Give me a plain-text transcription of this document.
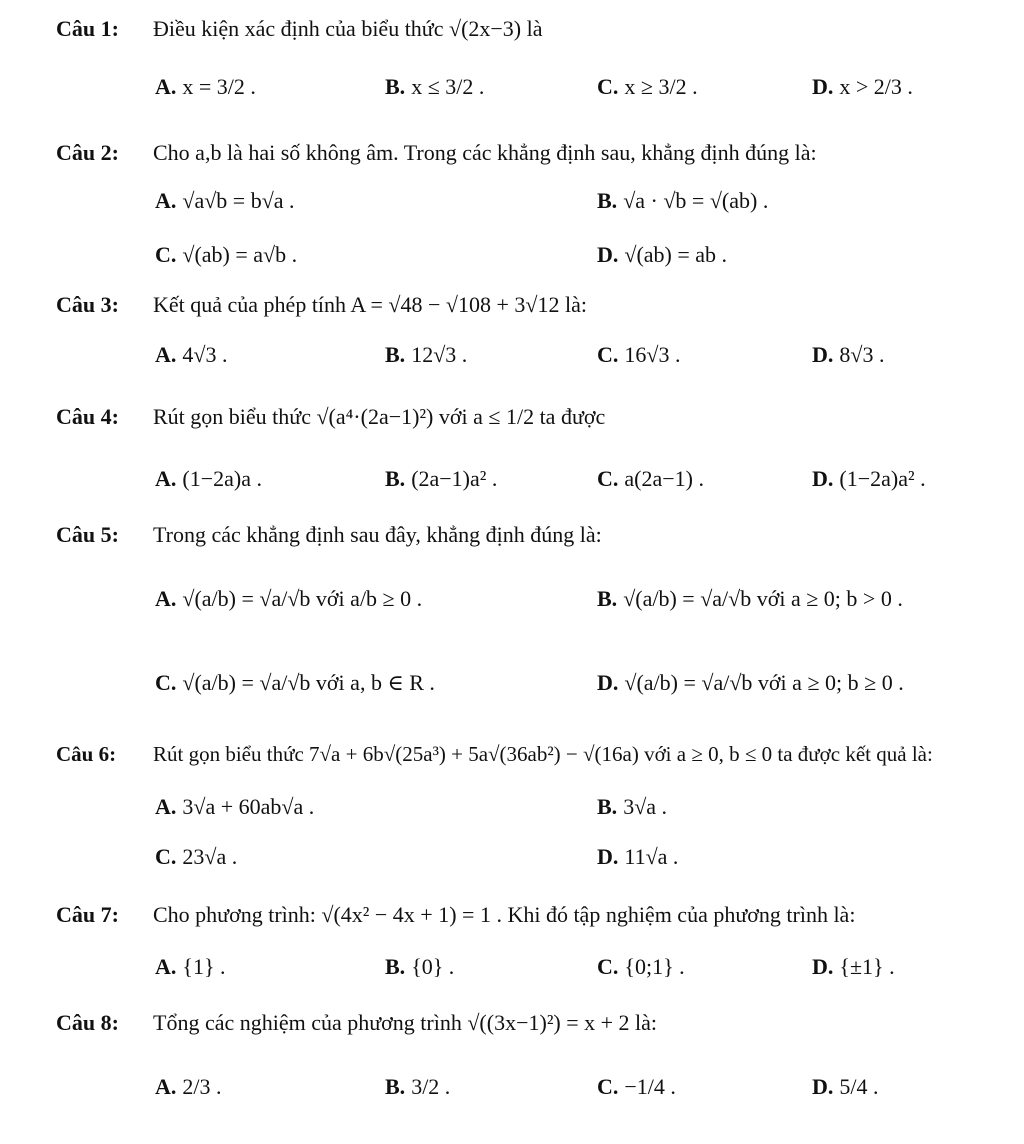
Câu 1: Điều kiện xác định của biểu thức √(2x−3) là
A. x = 3/2 .	B. x ≤ 3/2 .	C. x ≥ 3/2 .	D. x > 2/3 .
Câu 2: Cho a,b là hai số không âm. Trong các khẳng định sau, khẳng định đúng là:
A. √a√b = b√a .	B. √a · √b = √(ab) .
C. √(ab) = a√b .	D. √(ab) = ab .
Câu 3: Kết quả của phép tính A = √48 − √108 + 3√12 là:
A. 4√3 .	B. 12√3 .	C. 16√3 .	D. 8√3 .
Câu 4: Rút gọn biểu thức √(a⁴·(2a−1)²) với a ≤ 1/2 ta được
A. (1−2a)a .	B. (2a−1)a² .	C. a(2a−1) .	D. (1−2a)a² .
Câu 5: Trong các khẳng định sau đây, khẳng định đúng là:
A. √(a/b) = √a/√b với a/b ≥ 0 .	B. √(a/b) = √a/√b với a ≥ 0; b > 0 .
C. √(a/b) = √a/√b với a, b ∈ R .	D. √(a/b) = √a/√b với a ≥ 0; b ≥ 0 .
Câu 6: Rút gọn biểu thức 7√a + 6b√(25a³) + 5a√(36ab²) − √(16a) với a ≥ 0, b ≤ 0 ta được kết quả là:
A. 3√a + 60ab√a .	B. 3√a .
C. 23√a .	D. 11√a .
Câu 7: Cho phương trình: √(4x² − 4x + 1) = 1 . Khi đó tập nghiệm của phương trình là:
A. {1} .	B. {0} .	C. {0;1} .	D. {±1} .
Câu 8: Tổng các nghiệm của phương trình √((3x−1)²) = x + 2 là:
A. 2/3 .	B. 3/2 .	C. −1/4 .	D. 5/4 .
